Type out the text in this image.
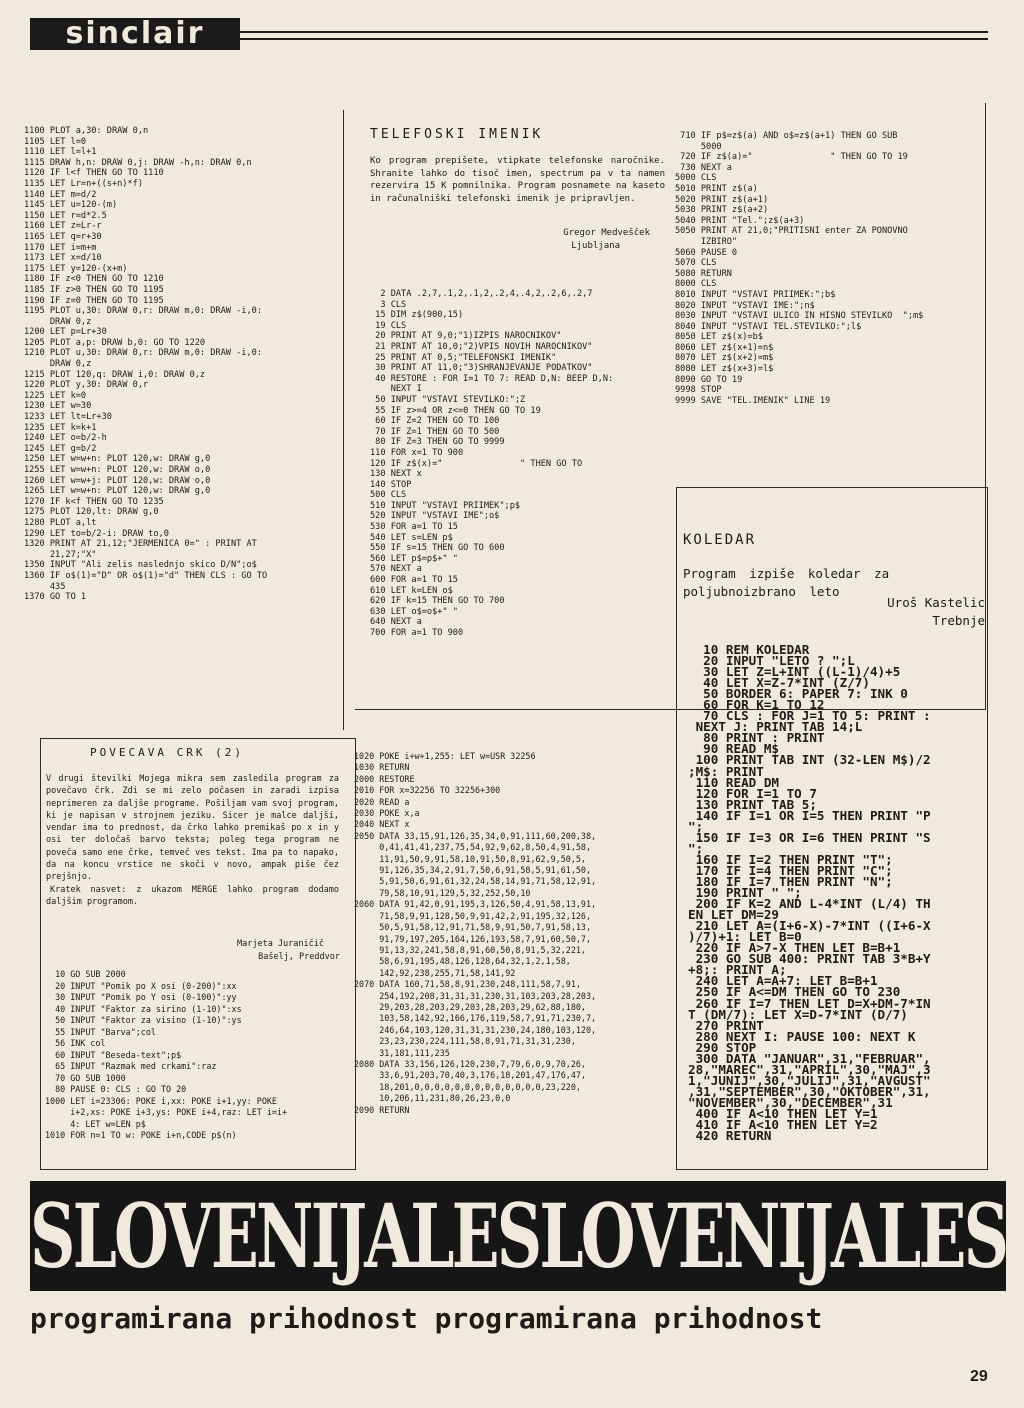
sinclair
1100 PLOT a,30: DRAW 0,n
1105 LET l=0
1110 LET l=l+1
1115 DRAW h,n: DRAW 0,j: DRAW -h,n: DRAW 0,n
1120 IF l<f THEN GO TO 1110
1135 LET Lr=n+((s+n)*f)
1140 LET m=d/2
1145 LET u=120-(m)
1150 LET r=d*2.5
1160 LET z=Lr-r
1165 LET q=r+30
1170 LET i=m+m
1173 LET x=d/10
1175 LET y=120-(x+m)
1180 IF z<0 THEN GO TO 1210
1185 IF z>0 THEN GO TO 1195
1190 IF z=0 THEN GO TO 1195
1195 PLOT u,30: DRAW 0,r: DRAW m,0: DRAW -i,0:
DRAW 0,z
1200 LET p=Lr+30
1205 PLOT a,p: DRAW b,0: GO TO 1220
1210 PLOT u,30: DRAW 0,r: DRAW m,0: DRAW -i,0:
DRAW 0,z
1215 PLOT 120,q: DRAW i,0: DRAW 0,z
1220 PLOT y,30: DRAW 0,r
1225 LET k=0
1230 LET w=30
1233 LET lt=Lr+30
1235 LET k=k+1
1240 LET o=b/2-h
1245 LET g=b/2
1250 LET w=w+n: PLOT 120,w: DRAW g,0
1255 LET w=w+n: PLOT 120,w: DRAW o,0
1260 LET w=w+j: PLOT 120,w: DRAW o,0
1265 LET w=w+n: PLOT 120,w: DRAW g,0
1270 IF k<f THEN GO TO 1235
1275 PLOT 120,lt: DRAW g,0
1280 PLOT a,lt
1290 LET to=b/2-i: DRAW to,0
1320 PRINT AT 21,12;"JERMENICA 0=" : PRINT AT
21,27;"X"
1350 INPUT "Ali zelis naslednjo skico D/N";o$
1360 IF o$(1)="D" OR o$(1)="d" THEN CLS : GO TO
435
1370 GO TO 1
TELEFOSKI IMENIK
Ko program prepišete, vtipkate telefonske naročnike. Shranite lahko do tisoč imen, spectrum pa v ta namen rezervira 15 K pomnilnika. Program posnamete na kaseto in računalniški telefonski imenik je pripravljen.
Gregor Medvešček
Ljubljana
2 DATA .2,7,.1,2,.1,2,.2,4,.4,2,.2,6,.2,7
3 CLS
15 DIM z$(900,15)
19 CLS
20 PRINT AT 9,0;"1)IZPIS NAROCNIKOV"
21 PRINT AT 10,0;"2)VPIS NOVIH NAROCNIKOV"
25 PRINT AT 0,5;"TELEFONSKI IMENIK"
30 PRINT AT 11,0;"3)SHRANJEVANJE PODATKOV"
40 RESTORE : FOR I=1 TO 7: READ D,N: BEEP D,N:
NEXT I
50 INPUT "VSTAVI STEVILKO:";Z
55 IF z>=4 OR z<=0 THEN GO TO 19
60 IF Z=2 THEN GO TO 100
70 IF Z=1 THEN GO TO 500
80 IF Z=3 THEN GO TO 9999
110 FOR x=1 TO 900
120 IF z$(x)="               " THEN GO TO
130 NEXT x
140 STOP
500 CLS
510 INPUT "VSTAVI PRIIMEK";p$
520 INPUT "VSTAVI IME";o$
530 FOR a=1 TO 15
540 LET s=LEN p$
550 IF s=15 THEN GO TO 600
560 LET p$=p$+" "
570 NEXT a
600 FOR a=1 TO 15
610 LET k=LEN o$
620 IF k=15 THEN GO TO 700
630 LET o$=o$+" "
640 NEXT a
700 FOR a=1 TO 900
710 IF p$=z$(a) AND o$=z$(a+1) THEN GO SUB
5000
720 IF z$(a)="               " THEN GO TO 19
730 NEXT a
5000 CLS
5010 PRINT z$(a)
5020 PRINT z$(a+1)
5030 PRINT z$(a+2)
5040 PRINT "Tel.";z$(a+3)
5050 PRINT AT 21,0;"PRITISNI enter ZA PONOVNO
IZBIRO"
5060 PAUSE 0
5070 CLS
5080 RETURN
8000 CLS
8010 INPUT "VSTAVI PRIIMEK:";b$
8020 INPUT "VSTAVI IME:";n$
8030 INPUT "VSTAVI ULICO IN HISNO STEVILKO  ";m$
8040 INPUT "VSTAVI TEL.STEVILKO:";l$
8050 LET z$(x)=b$
8060 LET z$(x+1)=n$
8070 LET z$(x+2)=m$
8080 LET z$(x+3)=l$
8090 GO TO 19
9998 STOP
9999 SAVE "TEL.IMENIK" LINE 19
POVECAVA CRK (2)
V drugi številki Mojega mikra sem zasledila program za povečavo črk. Zdi se mi zelo počasen in zaradi izpisa neprimeren za daljše programe. Pošiljam vam svoj program, ki je napisan v strojnem jeziku. Sicer je malce daljši, vendar ima to prednost, da črko lahko premikaš po x in y osi ter določaš barvo teksta; poleg tega program ne poveča samo ene črke, temveč ves tekst. Ima pa to napako, da na koncu vrstice ne skoči v novo, ampak piše čez prejšnjo.
Kratek nasvet: z ukazom MERGE lahko program dodamo daljšim programom.
Marjeta Juraničič
Bašelj, Preddvor
10 GO SUB 2000
20 INPUT "Pomik po X osi (0-200)":xx
30 INPUT "Pomik po Y osi (0-100)":yy
40 INPUT "Faktor za sirino (1-10)":xs
50 INPUT "Faktor za visino (1-10)":ys
55 INPUT "Barva";col
56 INK col
60 INPUT "Beseda-text";p$
65 INPUT "Razmak med crkami":raz
70 GO SUB 1000
80 PAUSE 0: CLS : GO TO 20
1000 LET i=23306: POKE i,xx: POKE i+1,yy: POKE
i+2,xs: POKE i+3,ys: POKE i+4,raz: LET i=i+
4: LET w=LEN p$
1010 FOR n=1 TO w: POKE i+n,CODE p$(n)
1020 POKE i+w+1,255: LET w=USR 32256
1030 RETURN
2000 RESTORE
2010 FOR x=32256 TO 32256+300
2020 READ a
2030 POKE x,a
2040 NEXT x
2050 DATA 33,15,91,126,35,34,0,91,111,60,200,38,
0,41,41,41,237,75,54,92,9,62,8,50,4,91,58,
11,91,50,9,91,58,10,91,50,8,91,62,9,50,5,
91,126,35,34,2,91,7,50,6,91,58,5,91,61,50,
5,91,50,6,91,61,32,24,58,14,91,71,58,12,91,
79,58,10,91,129,5,32,252,50,10
2060 DATA 91,42,0,91,195,3,126,50,4,91,58,13,91,
71,58,9,91,128,50,9,91,42,2,91,195,32,126,
50,5,91,58,12,91,71,58,9,91,50,7,91,58,13,
91,79,197,205,164,126,193,58,7,91,60,50,7,
91,13,32,241,58,8,91,60,50,8,91,5,32,221,
58,6,91,195,48,126,128,64,32,1,2,1,58,
142,92,238,255,71,58,141,92
2070 DATA 160,71,58,8,91,230,248,111,58,7,91,
254,192,208,31,31,31,230,31,103,203,28,203,
29,203,28,203,29,203,28,203,29,62,88,180,
103,58,142,92,166,176,119,58,7,91,71,230,7,
246,64,103,120,31,31,31,230,24,180,103,120,
23,23,230,224,111,58,8,91,71,31,31,230,
31,181,111,235
2080 DATA 33,156,126,120,230,7,79,6,0,9,70,26,
33,6,91,203,70,40,3,176,18,201,47,176,47,
18,201,0,0,0,0,0,0,0,0,0,0,0,0,0,23,220,
10,206,11,231,80,26,23,0,0
2090 RETURN
KOLEDAR
Program izpiše koledar za poljubnoizbrano leto
Uroš Kastelic
Trebnje
10 REM KOLEDAR
20 INPUT "LETO ? ";L
30 LET Z=L+INT ((L-1)/4)+5
40 LET X=Z-7*INT (Z/7)
50 BORDER 6: PAPER 7: INK 0
60 FOR K=1 TO 12
70 CLS : FOR J=1 TO 5: PRINT :
NEXT J: PRINT TAB 14;L
80 PRINT : PRINT
90 READ M$
100 PRINT TAB INT (32-LEN M$)/2
;M$: PRINT
110 READ DM
120 FOR I=1 TO 7
130 PRINT TAB 5;
140 IF I=1 OR I=5 THEN PRINT "P
";
150 IF I=3 OR I=6 THEN PRINT "S
";
160 IF I=2 THEN PRINT "T";
170 IF I=4 THEN PRINT "C";
180 IF I=7 THEN PRINT "N";
190 PRINT " ";
200 IF K=2 AND L-4*INT (L/4) TH
EN LET DM=29
210 LET A=(I+6-X)-7*INT ((I+6-X
)/7)+1: LET B=0
220 IF A>7-X THEN LET B=B+1
230 GO SUB 400: PRINT TAB 3*B+Y
+8;: PRINT A;
240 LET A=A+7: LET B=B+1
250 IF A<=DM THEN GO TO 230
260 IF I=7 THEN LET D=X+DM-7*IN
T (DM/7): LET X=D-7*INT (D/7)
270 PRINT
280 NEXT I: PAUSE 100: NEXT K
290 STOP
300 DATA "JANUAR",31,"FEBRUAR",
28,"MAREC",31,"APRIL",30,"MAJ",3
1,"JUNIJ",30,"JULIJ",31,"AVGUST"
,31,"SEPTEMBER",30,"OKTOBER",31,
"NOVEMBER",30,"DECEMBER",31
400 IF A<10 THEN LET Y=1
410 IF A<10 THEN LET Y=2
420 RETURN
SLOVENIJALESLOVENIJALES
programirana prihodnost programirana prihodnost
29
